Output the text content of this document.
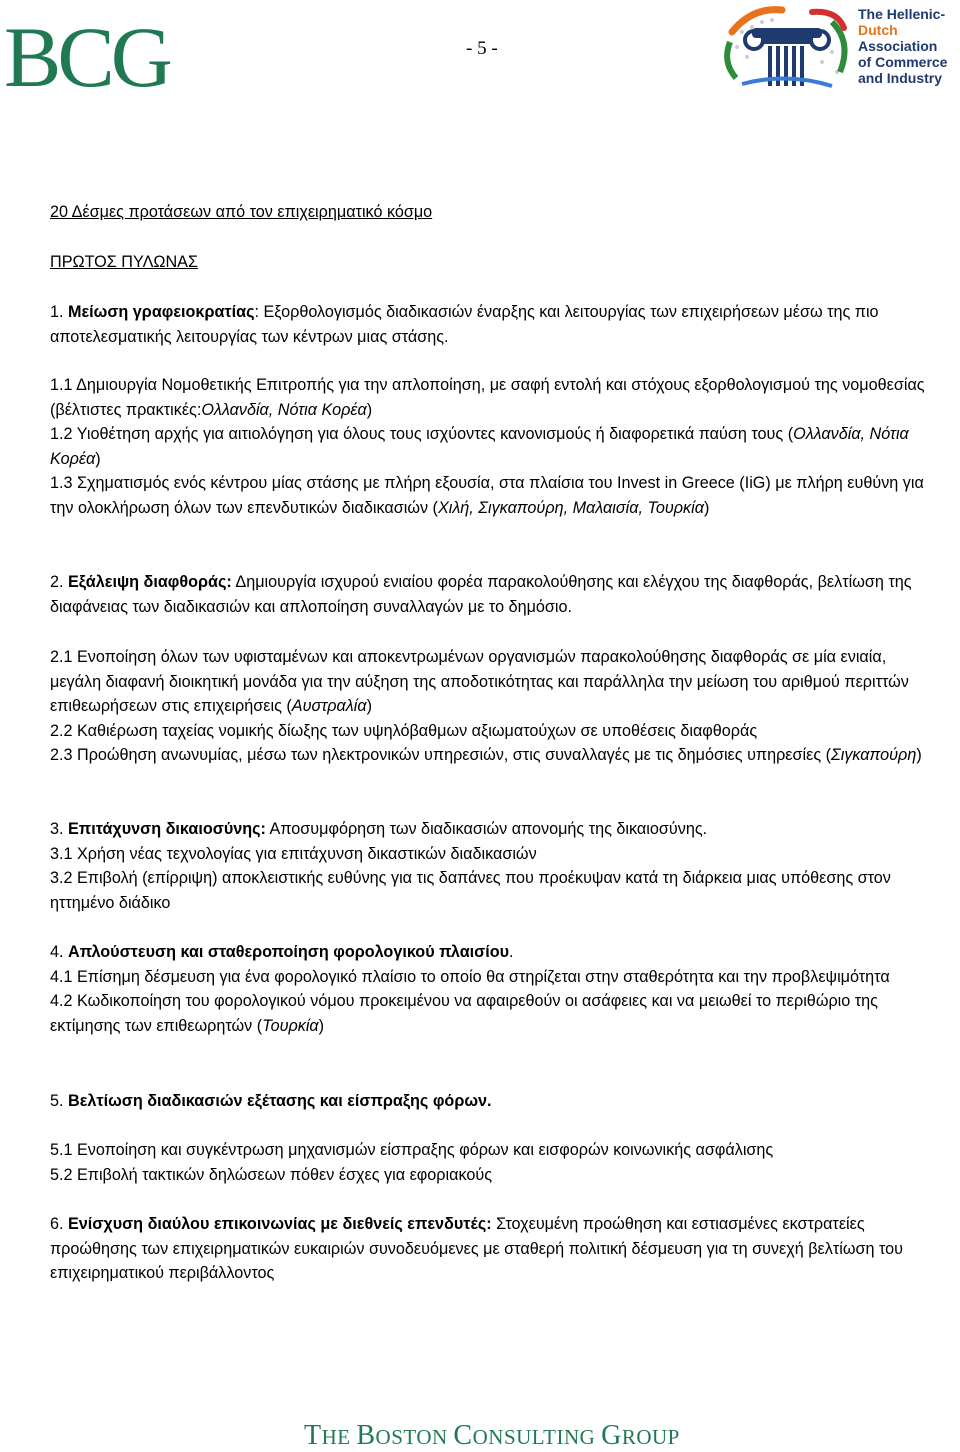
BCG	- 5 -
The Hellenic-
Dutch
Association
of Commerce
and Industry

20 Δέσμες προτάσεων από τον επιχειρηματικό κόσμο

ΠΡΩΤΟΣ ΠΥΛΩΝΑΣ

1. Μείωση γραφειοκρατίας: Εξορθολογισμός διαδικασιών έναρξης και λειτουργίας των επιχειρήσεων μέσω της πιο αποτελεσματικής λειτουργίας των κέντρων μιας στάσης.

1.1 Δημιουργία Νομοθετικής Επιτροπής για την απλοποίηση, με σαφή εντολή και στόχους εξορθολογισμού της νομοθεσίας (βέλτιστες πρακτικές:Ολλανδία, Νότια Κορέα)

1.2 Υιοθέτηση αρχής για αιτιολόγηση για όλους τους ισχύοντες κανονισμούς ή διαφορετικά παύση τους (Ολλανδία, Νότια Κορέα)

1.3 Σχηματισμός ενός κέντρου μίας στάσης με πλήρη εξουσία, στα πλαίσια του Invest in Greece (IiG) με πλήρη ευθύνη για την ολοκλήρωση όλων των επενδυτικών διαδικασιών (Χιλή, Σιγκαπούρη, Μαλαισία, Τουρκία)

2. Εξάλειψη διαφθοράς: Δημιουργία ισχυρού ενιαίου φορέα παρακολούθησης και ελέγχου της διαφθοράς, βελτίωση της διαφάνειας των διαδικασιών και απλοποίηση συναλλαγών με το δημόσιο.

2.1 Ενοποίηση όλων των υφισταμένων και αποκεντρωμένων οργανισμών παρακολούθησης διαφθοράς σε μία ενιαία, μεγάλη διαφανή διοικητική μονάδα για την αύξηση της αποδοτικότητας και παράλληλα την μείωση του αριθμού περιττών επιθεωρήσεων στις επιχειρήσεις (Αυστραλία)

2.2 Καθιέρωση ταχείας νομικής δίωξης των υψηλόβαθμων αξιωματούχων σε υποθέσεις διαφθοράς

2.3 Προώθηση ανωνυμίας, μέσω των ηλεκτρονικών υπηρεσιών, στις συναλλαγές με τις δημόσιες υπηρεσίες (Σιγκαπούρη)

3. Επιτάχυνση δικαιοσύνης: Αποσυμφόρηση των διαδικασιών απονομής της δικαιοσύνης.

3.1 Χρήση νέας τεχνολογίας για επιτάχυνση δικαστικών διαδικασιών

3.2 Επιβολή (επίρριψη) αποκλειστικής ευθύνης για τις δαπάνες που προέκυψαν κατά τη διάρκεια μιας υπόθεσης στον ηττημένο διάδικο

4. Απλούστευση και σταθεροποίηση φορολογικού πλαισίου.

4.1 Επίσημη δέσμευση για ένα φορολογικό πλαίσιο το οποίο θα στηρίζεται στην σταθερότητα και την προβλεψιμότητα

4.2 Κωδικοποίηση του φορολογικού νόμου προκειμένου να αφαιρεθούν οι ασάφειες και να μειωθεί το περιθώριο της εκτίμησης των επιθεωρητών (Τουρκία)

5. Βελτίωση διαδικασιών εξέτασης και είσπραξης φόρων.

5.1 Ενοποίηση και συγκέντρωση μηχανισμών είσπραξης φόρων και εισφορών κοινωνικής ασφάλισης

5.2 Επιβολή τακτικών δηλώσεων πόθεν έσχες για εφοριακούς

6. Ενίσχυση διαύλου επικοινωνίας με διεθνείς επενδυτές: Στοχευμένη προώθηση και εστιασμένες εκστρατείες προώθησης των επιχειρηματικών ευκαιριών συνοδευόμενες με σταθερή πολιτική δέσμευση για τη συνεχή βελτίωση του επιχειρηματικού περιβάλλοντος

THE BOSTON CONSULTING GROUP
